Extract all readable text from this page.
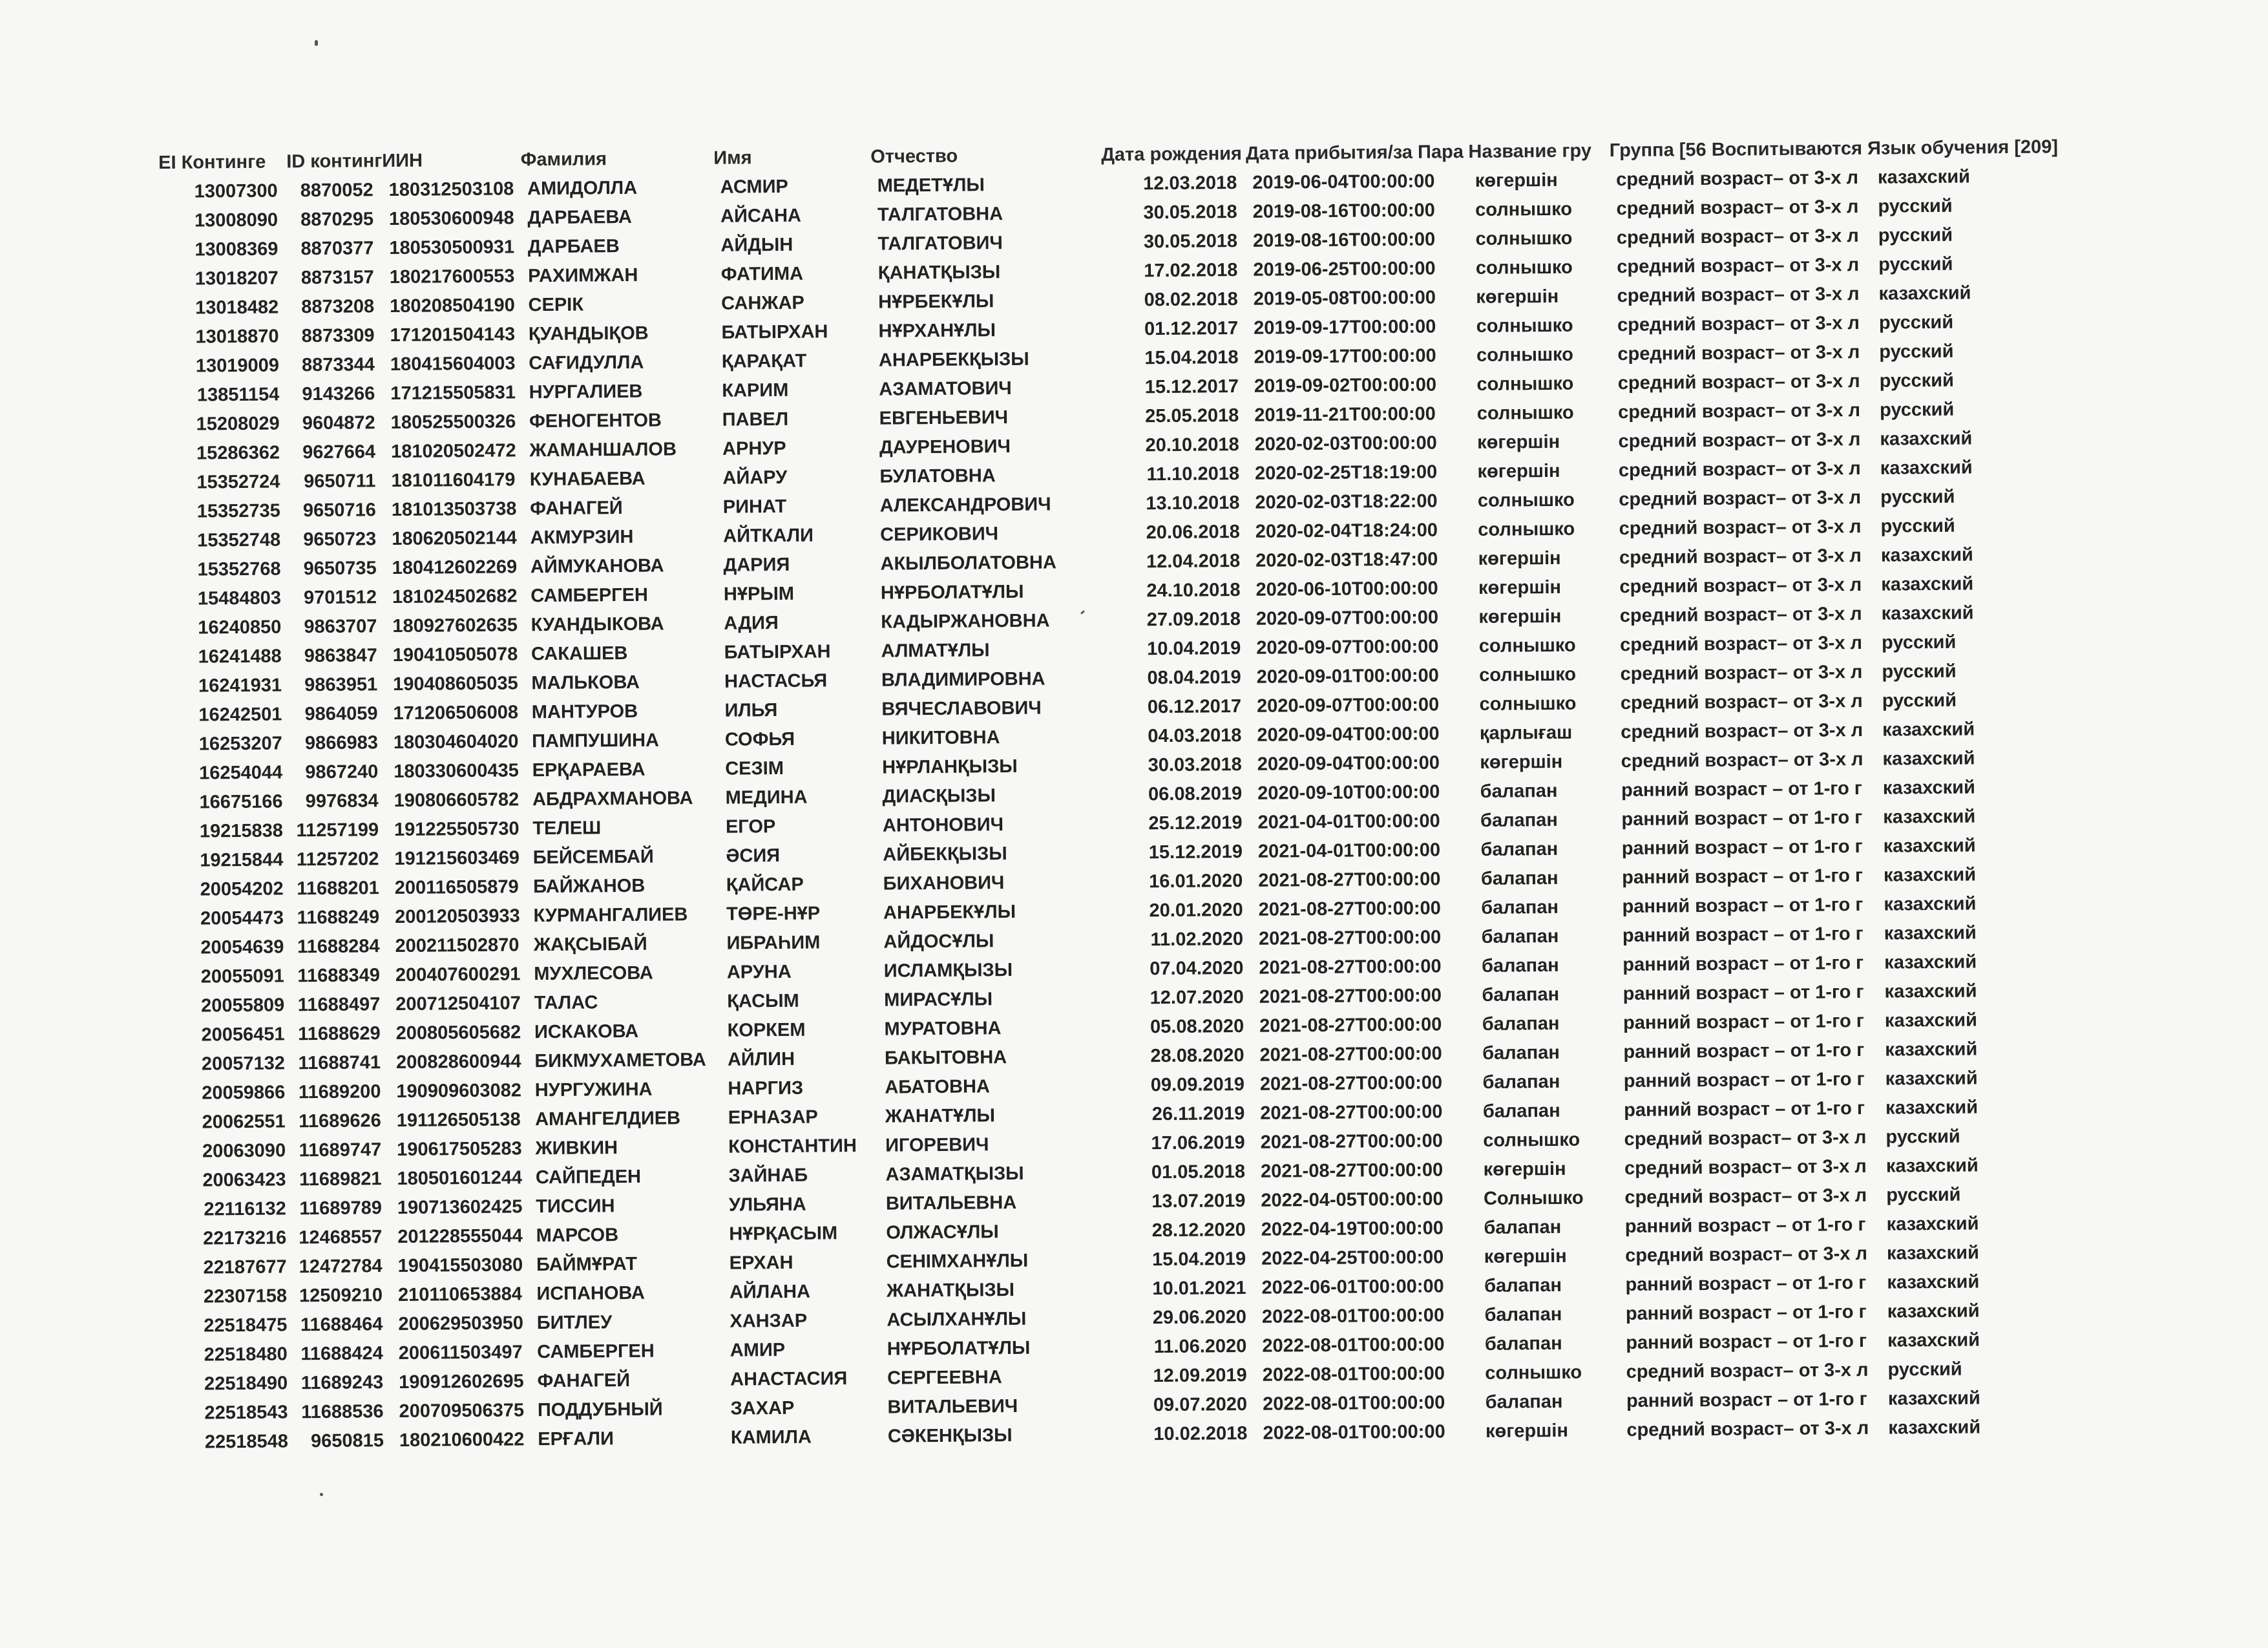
EI Континге	ID континг	ИИН	Фамилия	Имя	Отчество	Дата рождения	Дата прибытия/за Пара	Название гру	Группа [56 Воспитываются Язык обучения [209]	
13007300	8870052	180312503108	АМИДОЛЛА	АСМИР	МЕДЕТҰЛЫ	12.03.2018	2019-06-04T00:00:00	көгершін	средний возраст– от 3-х л	казахский
13008090	8870295	180530600948	ДАРБАЕВА	АЙСАНА	ТАЛГАТОВНА	30.05.2018	2019-08-16T00:00:00	солнышко	средний возраст– от 3-х л	русский
13008369	8870377	180530500931	ДАРБАЕВ	АЙДЫН	ТАЛГАТОВИЧ	30.05.2018	2019-08-16T00:00:00	солнышко	средний возраст– от 3-х л	русский
13018207	8873157	180217600553	РАХИМЖАН	ФАТИМА	ҚАНАТҚЫЗЫ	17.02.2018	2019-06-25T00:00:00	солнышко	средний возраст– от 3-х л	русский
13018482	8873208	180208504190	СЕРІК	САНЖАР	НҰРБЕКҰЛЫ	08.02.2018	2019-05-08T00:00:00	көгершін	средний возраст– от 3-х л	казахский
13018870	8873309	171201504143	ҚУАНДЫҚОВ	БАТЫРХАН	НҰРХАНҰЛЫ	01.12.2017	2019-09-17T00:00:00	солнышко	средний возраст– от 3-х л	русский
13019009	8873344	180415604003	САҒИДУЛЛА	ҚАРАҚАТ	АНАРБЕКҚЫЗЫ	15.04.2018	2019-09-17T00:00:00	солнышко	средний возраст– от 3-х л	русский
13851154	9143266	171215505831	НУРГАЛИЕВ	КАРИМ	АЗАМАТОВИЧ	15.12.2017	2019-09-02T00:00:00	солнышко	средний возраст– от 3-х л	русский
15208029	9604872	180525500326	ФЕНОГЕНТОВ	ПАВЕЛ	ЕВГЕНЬЕВИЧ	25.05.2018	2019-11-21T00:00:00	солнышко	средний возраст– от 3-х л	русский
15286362	9627664	181020502472	ЖАМАНШАЛОВ	АРНУР	ДАУРЕНОВИЧ	20.10.2018	2020-02-03T00:00:00	көгершін	средний возраст– от 3-х л	казахский
15352724	9650711	181011604179	КУНАБАЕВА	АЙАРУ	БУЛАТОВНА	11.10.2018	2020-02-25T18:19:00	көгершін	средний возраст– от 3-х л	казахский
15352735	9650716	181013503738	ФАНАГЕЙ	РИНАТ	АЛЕКСАНДРОВИЧ	13.10.2018	2020-02-03T18:22:00	солнышко	средний возраст– от 3-х л	русский
15352748	9650723	180620502144	АКМУРЗИН	АЙТКАЛИ	СЕРИКОВИЧ	20.06.2018	2020-02-04T18:24:00	солнышко	средний возраст– от 3-х л	русский
15352768	9650735	180412602269	АЙМУКАНОВА	ДАРИЯ	АКЫЛБОЛАТОВНА	12.04.2018	2020-02-03T18:47:00	көгершін	средний возраст– от 3-х л	казахский
15484803	9701512	181024502682	САМБЕРГЕН	НҰРЫМ	НҰРБОЛАТҰЛЫ	24.10.2018	2020-06-10T00:00:00	көгершін	средний возраст– от 3-х л	казахский
16240850	9863707	180927602635	КУАНДЫКОВА	АДИЯ	КАДЫРЖАНОВНА	27.09.2018	2020-09-07T00:00:00	көгершін	средний возраст– от 3-х л	казахский
16241488	9863847	190410505078	САКАШЕВ	БАТЫРХАН	АЛМАТҰЛЫ	10.04.2019	2020-09-07T00:00:00	солнышко	средний возраст– от 3-х л	русский
16241931	9863951	190408605035	МАЛЬКОВА	НАСТАСЬЯ	ВЛАДИМИРОВНА	08.04.2019	2020-09-01T00:00:00	солнышко	средний возраст– от 3-х л	русский
16242501	9864059	171206506008	МАНТУРОВ	ИЛЬЯ	ВЯЧЕСЛАВОВИЧ	06.12.2017	2020-09-07T00:00:00	солнышко	средний возраст– от 3-х л	русский
16253207	9866983	180304604020	ПАМПУШИНА	СОФЬЯ	НИКИТОВНА	04.03.2018	2020-09-04T00:00:00	қарлығаш	средний возраст– от 3-х л	казахский
16254044	9867240	180330600435	ЕРҚАРАЕВА	СЕЗІМ	НҰРЛАНҚЫЗЫ	30.03.2018	2020-09-04T00:00:00	көгершін	средний возраст– от 3-х л	казахский
16675166	9976834	190806605782	АБДРАХМАНОВА	МЕДИНА	ДИАСҚЫЗЫ	06.08.2019	2020-09-10T00:00:00	балапан	ранний возраст – от 1-го г	казахский
19215838	11257199	191225505730	ТЕЛЕШ	ЕГОР	АНТОНОВИЧ	25.12.2019	2021-04-01T00:00:00	балапан	ранний возраст – от 1-го г	казахский
19215844	11257202	191215603469	БЕЙСЕМБАЙ	ӘСИЯ	АЙБЕКҚЫЗЫ	15.12.2019	2021-04-01T00:00:00	балапан	ранний возраст – от 1-го г	казахский
20054202	11688201	200116505879	БАЙЖАНОВ	ҚАЙСАР	БИХАНОВИЧ	16.01.2020	2021-08-27T00:00:00	балапан	ранний возраст – от 1-го г	казахский
20054473	11688249	200120503933	КУРМАНГАЛИЕВ	ТӨРЕ-НҰР	АНАРБЕКҰЛЫ	20.01.2020	2021-08-27T00:00:00	балапан	ранний возраст – от 1-го г	казахский
20054639	11688284	200211502870	ЖАҚСЫБАЙ	ИБРАҺИМ	АЙДОСҰЛЫ	11.02.2020	2021-08-27T00:00:00	балапан	ранний возраст – от 1-го г	казахский
20055091	11688349	200407600291	МУХЛЕСОВА	АРУНА	ИСЛАМҚЫЗЫ	07.04.2020	2021-08-27T00:00:00	балапан	ранний возраст – от 1-го г	казахский
20055809	11688497	200712504107	ТАЛАС	ҚАСЫМ	МИРАСҰЛЫ	12.07.2020	2021-08-27T00:00:00	балапан	ранний возраст – от 1-го г	казахский
20056451	11688629	200805605682	ИСКАКОВА	КОРКЕМ	МУРАТОВНА	05.08.2020	2021-08-27T00:00:00	балапан	ранний возраст – от 1-го г	казахский
20057132	11688741	200828600944	БИКМУХАМЕТОВА	АЙЛИН	БАКЫТОВНА	28.08.2020	2021-08-27T00:00:00	балапан	ранний возраст – от 1-го г	казахский
20059866	11689200	190909603082	НУРГУЖИНА	НАРГИЗ	АБАТОВНА	09.09.2019	2021-08-27T00:00:00	балапан	ранний возраст – от 1-го г	казахский
20062551	11689626	191126505138	АМАНГЕЛДИЕВ	ЕРНАЗАР	ЖАНАТҰЛЫ	26.11.2019	2021-08-27T00:00:00	балапан	ранний возраст – от 1-го г	казахский
20063090	11689747	190617505283	ЖИВКИН	КОНСТАНТИН	ИГОРЕВИЧ	17.06.2019	2021-08-27T00:00:00	солнышко	средний возраст– от 3-х л	русский
20063423	11689821	180501601244	САЙПЕДЕН	ЗАЙНАБ	АЗАМАТҚЫЗЫ	01.05.2018	2021-08-27T00:00:00	көгершін	средний возраст– от 3-х л	казахский
22116132	11689789	190713602425	ТИССИН	УЛЬЯНА	ВИТАЛЬЕВНА	13.07.2019	2022-04-05T00:00:00	Солнышко	средний возраст– от 3-х л	русский
22173216	12468557	201228555044	МАРСОВ	НҰРҚАСЫМ	ОЛЖАСҰЛЫ	28.12.2020	2022-04-19T00:00:00	балапан	ранний возраст – от 1-го г	казахский
22187677	12472784	190415503080	БАЙМҰРАТ	ЕРХАН	СЕНІМХАНҰЛЫ	15.04.2019	2022-04-25T00:00:00	көгершін	средний возраст– от 3-х л	казахский
22307158	12509210	210110653884	ИСПАНОВА	АЙЛАНА	ЖАНАТҚЫЗЫ	10.01.2021	2022-06-01T00:00:00	балапан	ранний возраст – от 1-го г	казахский
22518475	11688464	200629503950	БИТЛЕУ	ХАНЗАР	АСЫЛХАНҰЛЫ	29.06.2020	2022-08-01T00:00:00	балапан	ранний возраст – от 1-го г	казахский
22518480	11688424	200611503497	САМБЕРГЕН	АМИР	НҰРБОЛАТҰЛЫ	11.06.2020	2022-08-01T00:00:00	балапан	ранний возраст – от 1-го г	казахский
22518490	11689243	190912602695	ФАНАГЕЙ	АНАСТАСИЯ	СЕРГЕЕВНА	12.09.2019	2022-08-01T00:00:00	солнышко	средний возраст– от 3-х л	русский
22518543	11688536	200709506375	ПОДДУБНЫЙ	ЗАХАР	ВИТАЛЬЕВИЧ	09.07.2020	2022-08-01T00:00:00	балапан	ранний возраст – от 1-го г	казахский
22518548	9650815	180210600422	ЕРҒАЛИ	КАМИЛА	СӘКЕНҚЫЗЫ	10.02.2018	2022-08-01T00:00:00	көгершін	средний возраст– от 3-х л	казахский
